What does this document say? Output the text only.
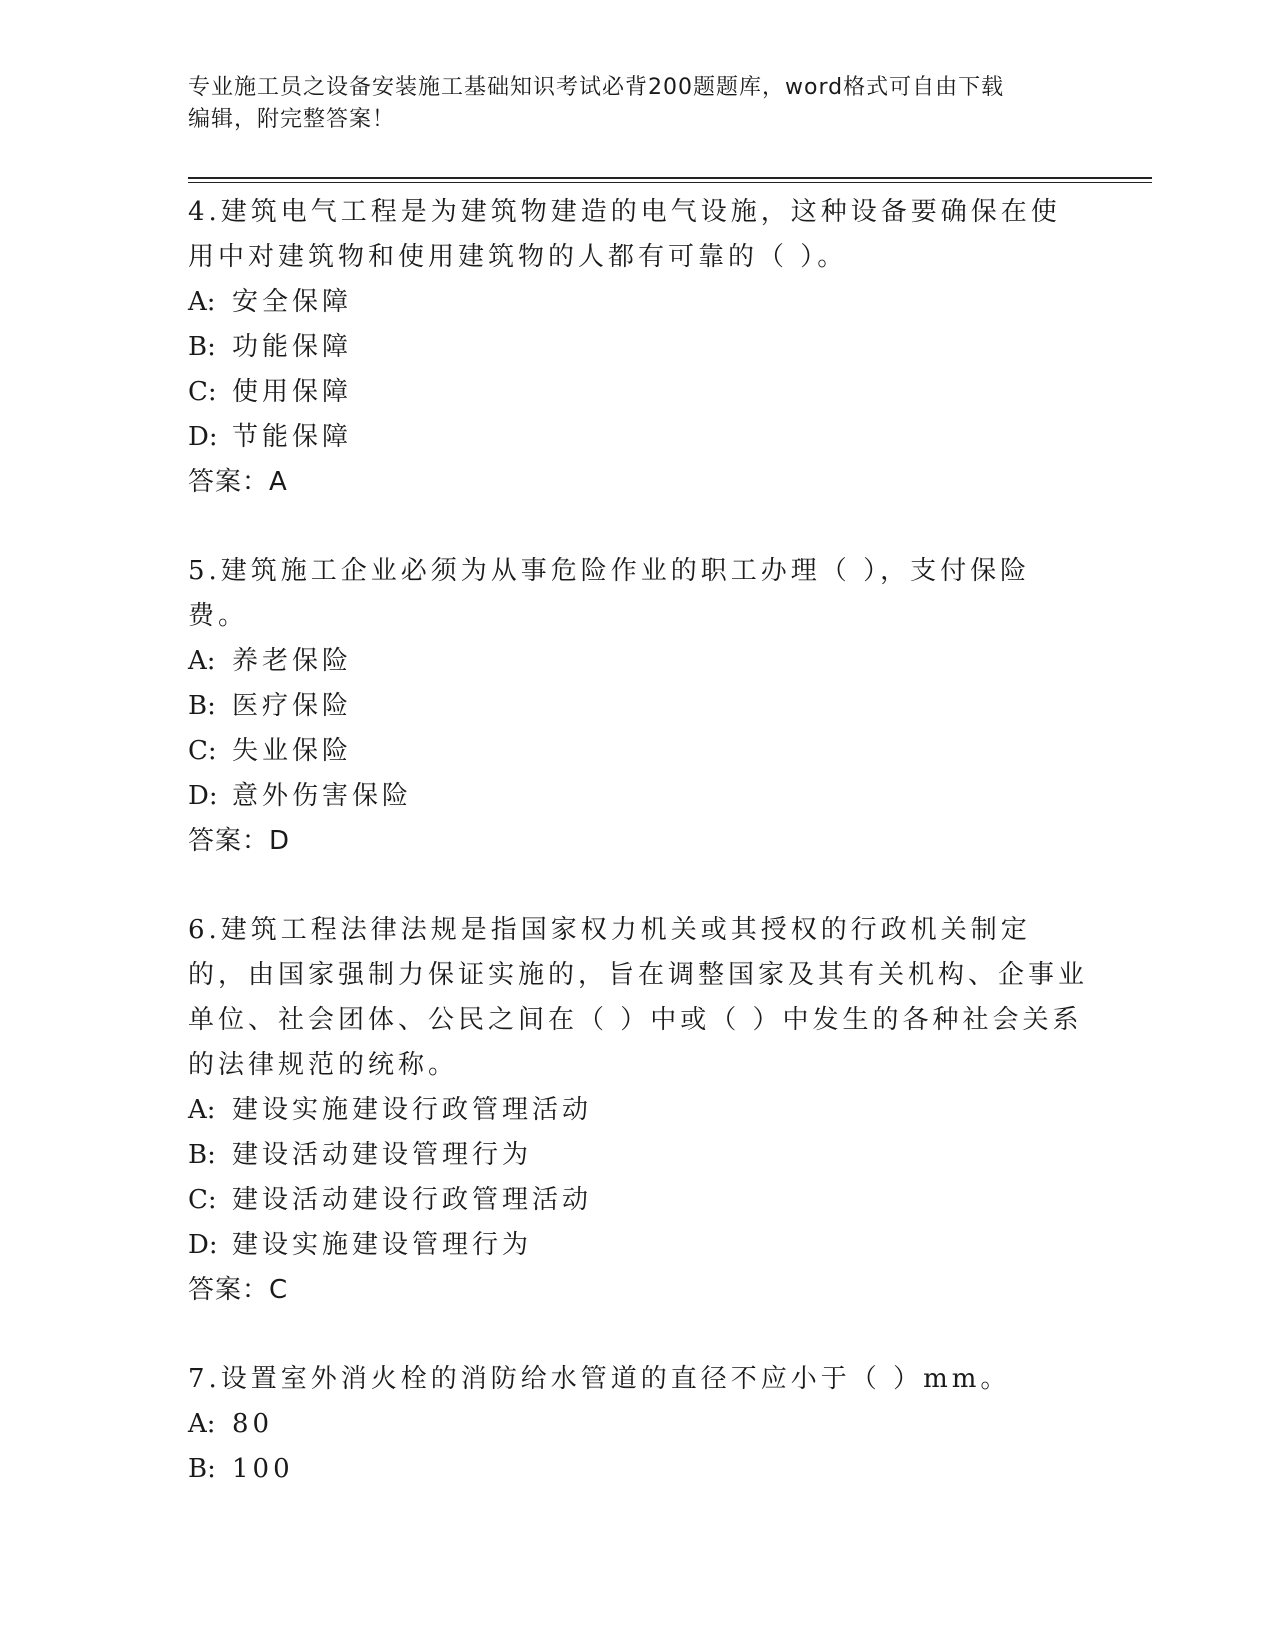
专业施工员之设备安装施工基础知识考试必背200题题库，word格式可自由下载
编辑，附完整答案！
4.建筑电气工程是为建筑物建造的电气设施，这种设备要确保在使用中对建筑物和使用建筑物的人都有可靠的（ ）。
A: 安全保障
B: 功能保障
C: 使用保障
D: 节能保障
答案：A
5.建筑施工企业必须为从事危险作业的职工办理（ ），支付保险费。
A: 养老保险
B: 医疗保险
C: 失业保险
D: 意外伤害保险
答案：D
6.建筑工程法律法规是指国家权力机关或其授权的行政机关制定的，由国家强制力保证实施的，旨在调整国家及其有关机构、企事业单位、社会团体、公民之间在（ ）中或（ ）中发生的各种社会关系的法律规范的统称。
A: 建设实施建设行政管理活动
B: 建设活动建设管理行为
C: 建设活动建设行政管理活动
D: 建设实施建设管理行为
答案：C
7.设置室外消火栓的消防给水管道的直径不应小于（ ）mm。
A: 80
B: 100
